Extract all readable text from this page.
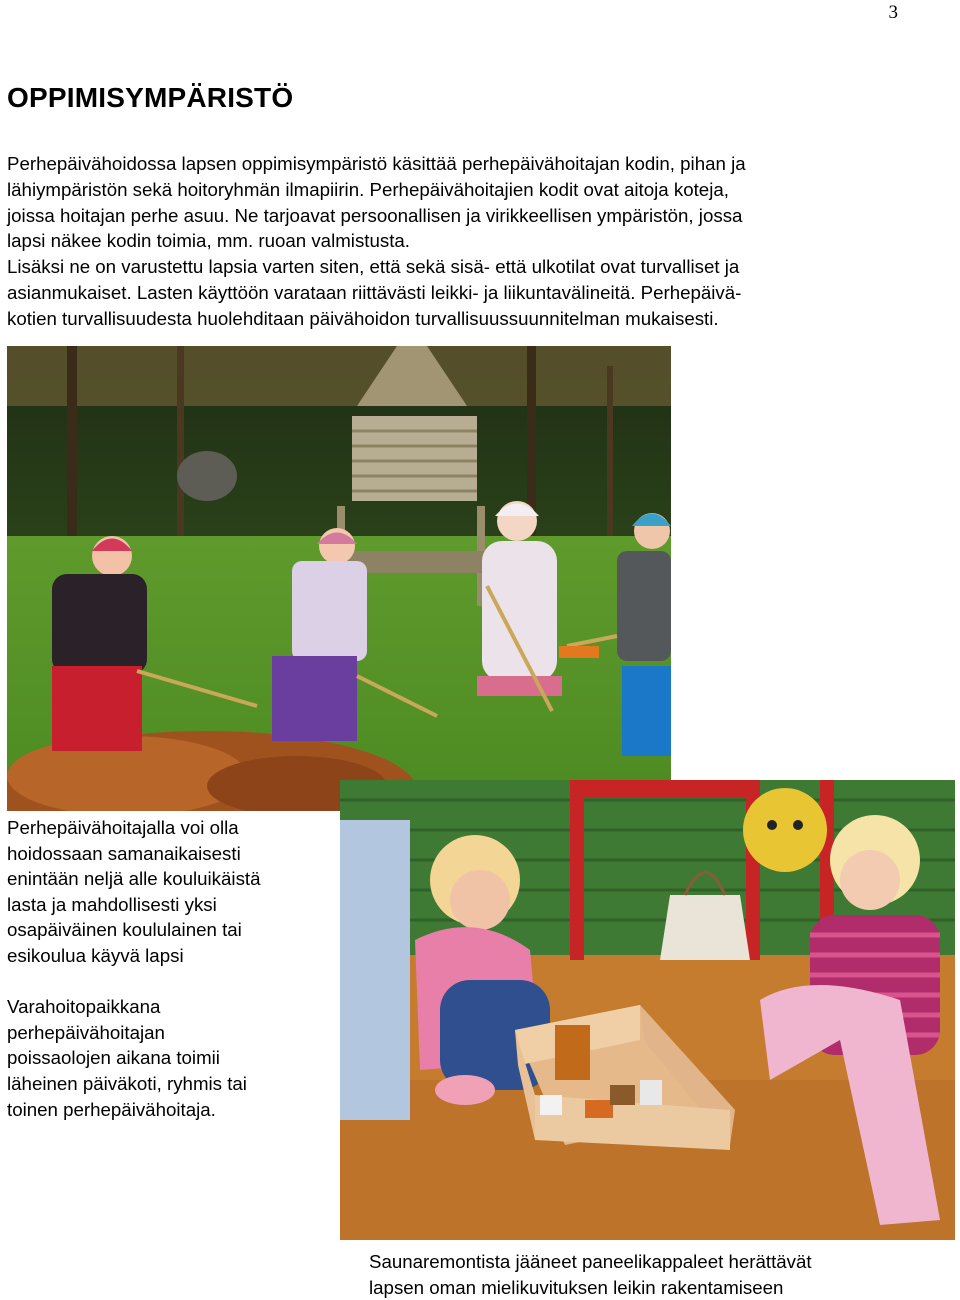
3
OPPIMISYMPÄRISTÖ
Perhepäivähoidossa lapsen oppimisympäristö käsittää perhepäivähoitajan kodin, pihan ja
lähiympäristön sekä hoitoryhmän ilmapiirin. Perhepäivähoitajien kodit ovat aitoja koteja,
joissa hoitajan perhe asuu. Ne tarjoavat persoonallisen ja virikkeellisen ympäristön, jossa
lapsi näkee kodin toimia, mm. ruoan valmistusta.
Lisäksi ne on varustettu lapsia varten siten, että sekä sisä- että ulkotilat ovat turvalliset ja
asianmukaiset. Lasten käyttöön varataan riittävästi leikki- ja liikuntavälineitä. Perhepäivä-
kotien turvallisuudesta huolehditaan päivähoidon turvallisuussuunnitelman mukaisesti.

Perhepäivähoitajalla voi olla
hoidossaan samanaikaisesti
enintään neljä alle kouluikäistä
lasta ja mahdollisesti yksi
osapäiväinen koululainen tai
esikoulua käyvä lapsi

Varahoitopaikkana
perhepäivähoitajan
poissaolojen aikana toimii
läheinen päiväkoti, ryhmis tai
toinen perhepäivähoitaja.

Saunaremontista jääneet paneelikappaleet herättävät
lapsen oman mielikuvituksen leikin rakentamiseen
